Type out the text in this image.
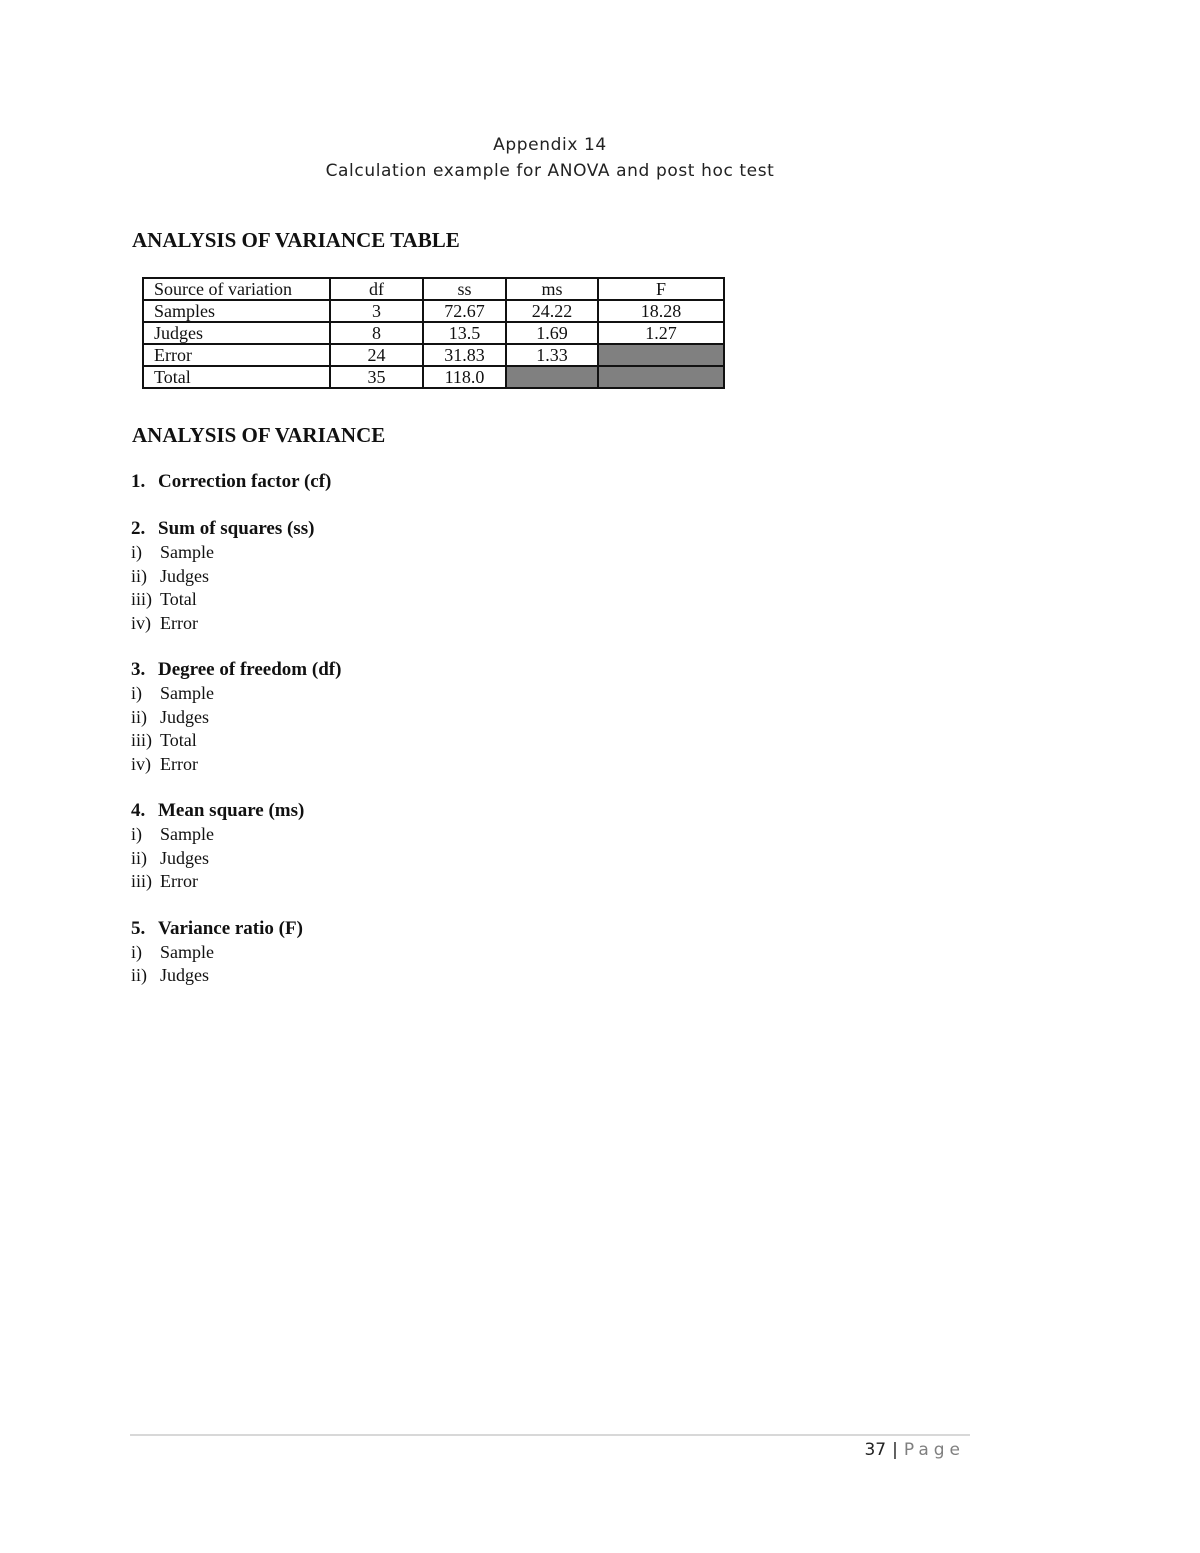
Appendix 14
Calculation example for ANOVA and post hoc test
ANALYSIS OF VARIANCE TABLE
Source of variation	df	ss	ms	F
Samples	3	72.67	24.22	18.28
Judges	8	13.5	1.69	1.27
Error	24	31.83	1.33	
Total	35	118.0		
ANALYSIS OF VARIANCE
1. Correction factor (cf)
2. Sum of squares (ss)
i) Sample
ii) Judges
iii) Total
iv) Error
3. Degree of freedom (df)
i) Sample
ii) Judges
iii) Total
iv) Error
4. Mean square (ms)
i) Sample
ii) Judges
iii) Error
5. Variance ratio (F)
i) Sample
ii) Judges
37 | Page
